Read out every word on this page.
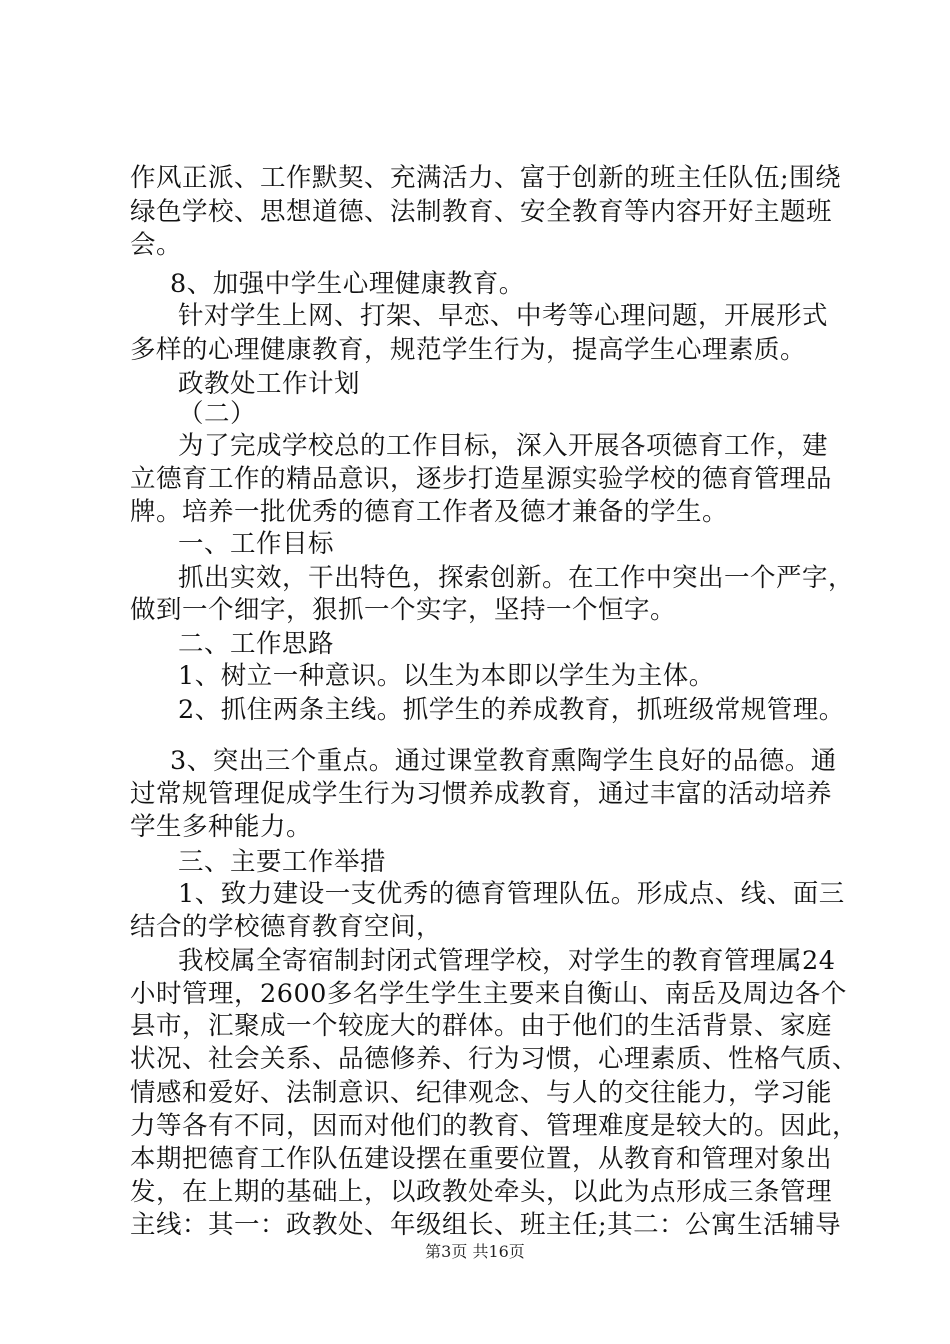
作风正派、工作默契、充满活力、富于创新的班主任队伍;围绕
绿色学校、思想道德、法制教育、安全教育等内容开好主题班
会。
8、加强中学生心理健康教育。
针对学生上网、打架、早恋、中考等心理问题，开展形式
多样的心理健康教育，规范学生行为，提高学生心理素质。
政教处工作计划
（二）
为了完成学校总的工作目标，深入开展各项德育工作，建
立德育工作的精品意识，逐步打造星源实验学校的德育管理品
牌。培养一批优秀的德育工作者及德才兼备的学生。
一、工作目标
抓出实效，干出特色，探索创新。在工作中突出一个严字，
做到一个细字，狠抓一个实字，坚持一个恒字。
二、工作思路
1、树立一种意识。以生为本即以学生为主体。
2、抓住两条主线。抓学生的养成教育，抓班级常规管理。
3、突出三个重点。通过课堂教育熏陶学生良好的品德。通
过常规管理促成学生行为习惯养成教育，通过丰富的活动培养
学生多种能力。
三、主要工作举措
1、致力建设一支优秀的德育管理队伍。形成点、线、面三
结合的学校德育教育空间，
我校属全寄宿制封闭式管理学校，对学生的教育管理属24
小时管理，2600多名学生学生主要来自衡山、南岳及周边各个
县市，汇聚成一个较庞大的群体。由于他们的生活背景、家庭
状况、社会关系、品德修养、行为习惯，心理素质、性格气质、
情感和爱好、法制意识、纪律观念、与人的交往能力，学习能
力等各有不同，因而对他们的教育、管理难度是较大的。因此，
本期把德育工作队伍建设摆在重要位置，从教育和管理对象出
发，在上期的基础上，以政教处牵头，以此为点形成三条管理
主线：其一：政教处、年级组长、班主任;其二：公寓生活辅导
第3页 共16页
